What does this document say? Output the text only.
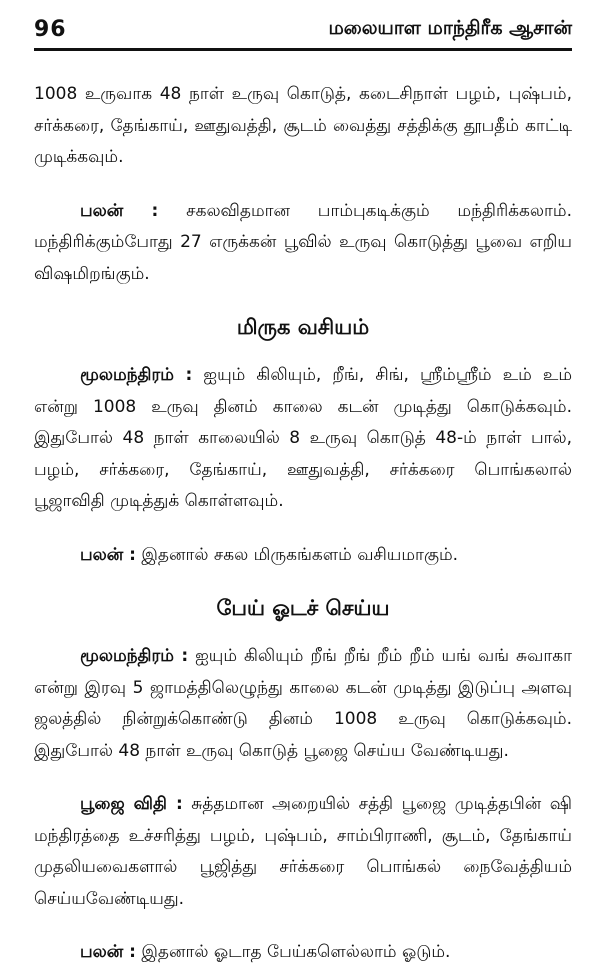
96	மலையாள மாந்திரீக ஆசான்

1008 உருவாக 48 நாள் உருவு கொடுத், கடைசிநாள் பழம், புஷ்பம், சர்க்கரை, தேங்காய், ஊதுவத்தி, சூடம் வைத்து சத்திக்கு தூபதீம் காட்டி முடிக்கவும்.

பலன் : சகலவிதமான பாம்புகடிக்கும் மந்திரிக்கலாம். மந்திரிக்கும்போது 27 எருக்கன் பூவில் உருவு கொடுத்து பூவை எறிய விஷமிறங்கும்.

மிருக வசியம்

மூலமந்திரம் : ஐயும் கிலியும், றீங், சிங், ஸ்ரீம்ஸ்ரீம் உம் உம் என்று 1008 உருவு தினம் காலை கடன் முடித்து கொடுக்கவும். இதுபோல் 48 நாள் காலையில் 8 உருவு கொடுத் 48-ம் நாள் பால், பழம், சர்க்கரை, தேங்காய், ஊதுவத்தி, சர்க்கரை பொங்கலால் பூஜாவிதி முடித்துக் கொள்ளவும்.

பலன் : இதனால் சகல மிருகங்களம் வசியமாகும்.

பேய் ஓடச் செய்ய

மூலமந்திரம் : ஐயும் கிலியும் றீங் றீங் றீம் றீம் யங் வங் சுவாகா என்று இரவு 5 ஜாமத்திலெழுந்து காலை கடன் முடித்து இடுப்பு அளவு ஜலத்தில் நின்றுக்கொண்டு தினம் 1008 உருவு கொடுக்கவும். இதுபோல் 48 நாள் உருவு கொடுத் பூஜை செய்ய வேண்டியது.

பூஜை விதி : சுத்தமான அறையில் சத்தி பூஜை முடித்தபின் ஷி மந்திரத்தை உச்சரித்து பழம், புஷ்பம், சாம்பிராணி, சூடம், தேங்காய் முதலியவைகளால் பூஜித்து சர்க்கரை பொங்கல் நைவேத்தியம் செய்யவேண்டியது.

பலன் : இதனால் ஓடாத பேய்களெல்லாம் ஓடும்.
